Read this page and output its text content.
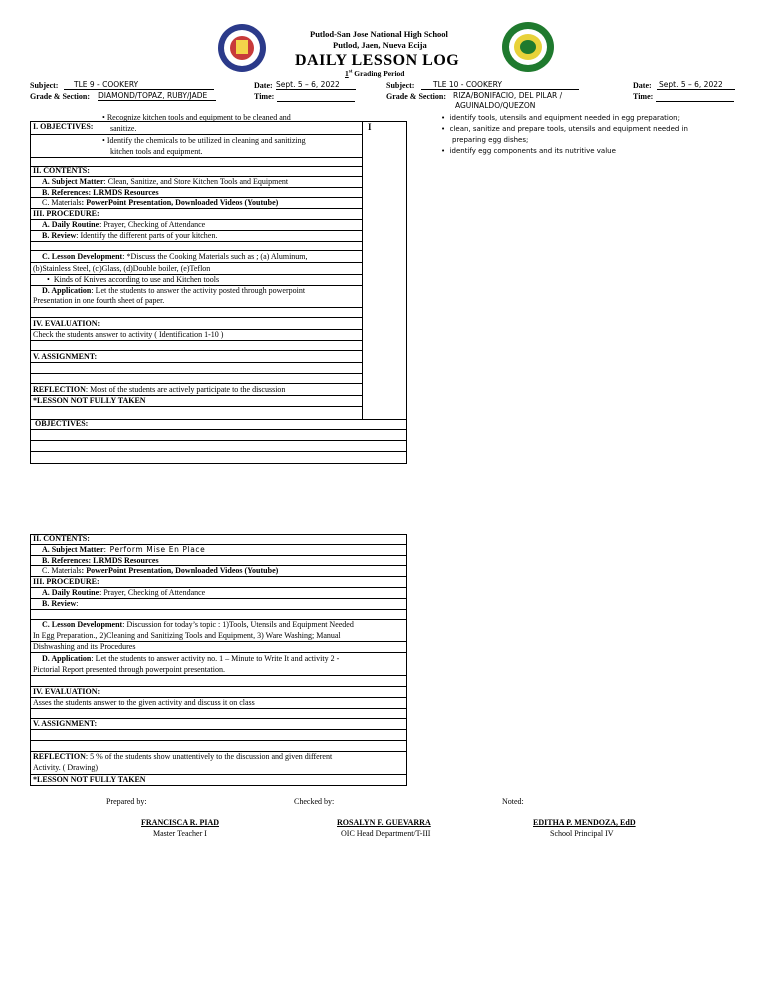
Putlod-San Jose National High School
Putlod, Jaen, Nueva Ecija
DAILY LESSON LOG
1st Grading Period
Subject:	TLE 9 - COOKERY	Date: Sept. 5 – 6, 2022
Grade & Section: DIAMOND/TOPAZ, RUBY/JADE	Time:
Subject:	TLE 10 - COOKERY	Date: Sept. 5 – 6, 2022
Grade & Section: RIZA/BONIFACIO, DEL PILAR /
AGUINALDO/QUEZON
Time:
•  identify tools, utensils and equipment needed in egg preparation;
•  clean, sanitize and prepare tools, utensils and equipment needed in
preparing egg dishes;
•  identify egg components and its nutritive value
I. OBJECTIVES:
• Recognize kitchen tools and equipment to be cleaned and
sanitize.
• Identify the chemicals to be utilized in cleaning and sanitizing
kitchen tools and equipment.
I
II. CONTENTS:
A. Subject Matter: Clean, Sanitize, and Store Kitchen Tools and Equipment
B. References: LRMDS Resources
C. Materials: PowerPoint Presentation, Downloaded Videos (Youtube)
III. PROCEDURE:
A. Daily Routine: Prayer, Checking of Attendance
B. Review: Identify the different parts of your kitchen.
C. Lesson Development: *Discuss the Cooking Materials such as ; (a) Aluminum,
(b)Stainless Steel, (c)Glass, (d)Double boiler, (e)Teflon
•  Kinds of Knives according to use and Kitchen tools
D. Application: Let the students to answer the activity posted through powerpoint
Presentation in one fourth sheet of paper.
IV. EVALUATION:
Check the students answer to activity ( Identification 1-10 )
V. ASSIGNMENT:
REFLECTION: Most of the students are actively participate to the discussion
*LESSON NOT FULLY TAKEN
OBJECTIVES:
II. CONTENTS:
A. Subject Matter: Perform Mise En Place
B. References: LRMDS Resources
C. Materials: PowerPoint Presentation, Downloaded Videos (Youtube)
III. PROCEDURE:
A. Daily Routine: Prayer, Checking of Attendance
B. Review:
C. Lesson Development: Discussion for today’s topic : 1)Tools, Utensils and Equipment Needed
In Egg Preparation., 2)Cleaning and Sanitizing Tools and Equipment, 3) Ware Washing; Manual
Dishwashing and its Procedures
D. Application: Let the students to answer activity no. 1 – Minute to Write It and activity 2 -
Pictorial Report presented through powerpoint presentation.
IV. EVALUATION:
Asses the students answer to the given activity and discuss it on class
V. ASSIGNMENT:
REFLECTION: 5 % of the students show unattentively to the discussion and given different
Activity. ( Drawing)
*LESSON NOT FULLY TAKEN
Prepared by:	Checked by:	Noted:
FRANCISCA R. PIAD
Master Teacher I
ROSALYN F. GUEVARRA
OIC Head Department/T-III
EDITHA P. MENDOZA, EdD
School Principal IV
